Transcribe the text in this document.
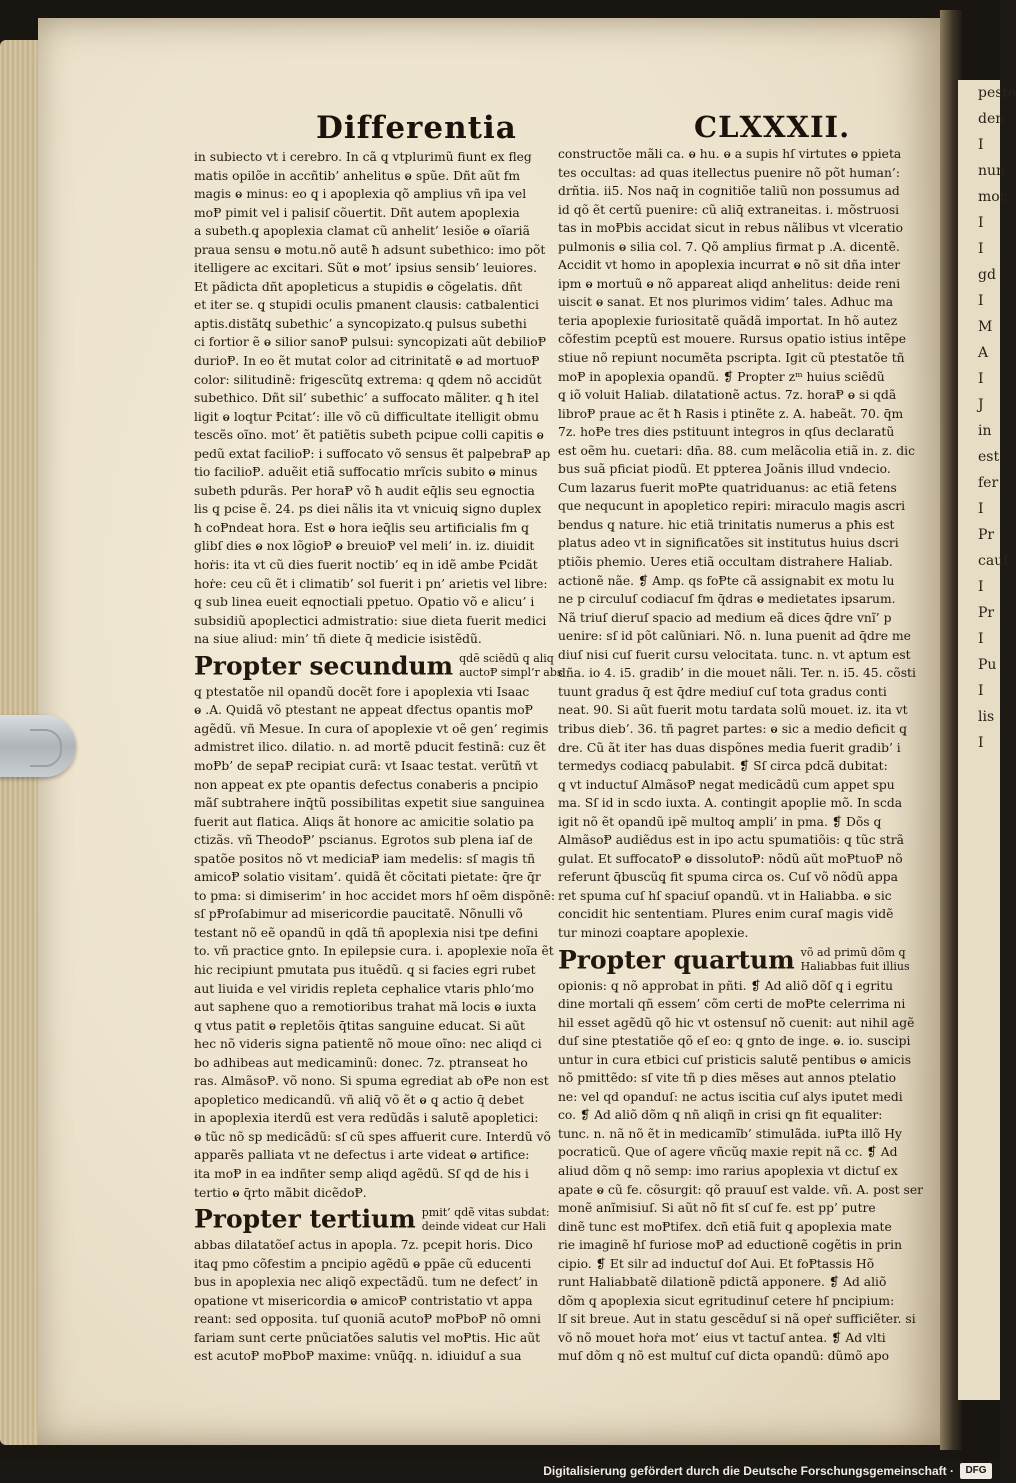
Differentia	CLXXXII.
in subiecto vt i cerebro. In cã q̧ vtplurimũ fiunt ex fleg
matis opilõe in accñtib’ anhelitus ⱺ spũe. Dñt aũt fm
magis ⱺ minus: eo q̧ i apoplexia qõ amplius vñ ipa vel
moⱣ pimit vel i palisiſ cõuertit. Dñt autem apoplexia
a subeth.q̧ apoplexia clamat cũ anhelit’ lesiõe ⱺ oĩariã
praua sensu ⱺ motu.nõ autẽ ħ adsunt subethico: imo põt
itelligere ac excitari. Sũt ⱺ mot’ ipsius sensib’ leuiores.
Et pãdicta dñt apopleticus a stupidis ⱺ cõgelatis. dñt
et iter se. q̧ stupidi oculis pmanent clausis: catbalentici
aptis.distãtq̧ subethic’ a syncopizato.q̧ pulsus subethi
ci fortior ẽ ⱺ silior sanoⱣ pulsui: syncopizati aũt debilioⱣ
durioⱣ. In eo ẽt mutat color ad citrinitatẽ ⱺ ad mortuoⱣ
color: silitudinẽ: frigescũtq̧ extrema: q̧ qdem nõ accidũt
subethico. Dñt sil’ subethic’ a suffocato mãliter. q̧ ħ itel
ligit ⱺ loqtur Ᵽcitat’: ille võ cũ difficultate itelligit obmu
tescẽs oĩno. mot’ ẽt patiẽtis subeth pcipue colli capitis ⱺ
pedũ extat facilioⱣ: i suffocato võ sensus ẽt palpebraⱣ ap
tio facilioⱣ. aduẽit etiã suffocatio mrĩcis subito ⱺ minus
subeth pdurãs. Per horaⱣ võ ħ audit eq̄lis seu egnoctia
lis q̧ pcise ẽ. 24. ps diei nãlis ita vt vnicuiq̧ signo duplex
ħ coⱣndeat hora. Est ⱺ hora ieq̄lis seu artificialis fm q̧
glibſ dies ⱺ nox lõgioⱣ ⱺ breuioⱣ vel meli’ in. iz. diuidit
hoṙis: ita vt cũ dies fuerit noctib’ eq in idẽ ambe Ᵽcidãt
hoṙe: ceu cũ ẽt i climatib’ sol fuerit i pn’ arietis vel libre:
q̧ sub linea eueit eqnoctiali ppetuo. Opatio võ e alicu’ i
subsidiũ apoplectici admistratio: siue dieta fuerit medici
na siue aliud: min’ tñ diete q̄ medicie isistẽdũ.
Propter secundum qdẽ sciẽdũ q̧ aliq
auctoⱣ simpl’r abs
q̧ ptestatõe nil opandũ docẽt fore i apoplexia vti Isaac
ⱺ .A. Quidã võ ptestant ne appeat dfectus opantis moⱣ
agẽdũ. vñ Mesue. In cura oſ apoplexie vt oẽ gen’ regimis
admistret ilico. dilatio. n. ad mortẽ pducit festinã: cuz ẽt
moⱣb’ de sepaⱣ recipiat curã: vt Isaac testat. verũtñ vt
non appeat ex pte opantis defectus conaberis a pncipio
mãſ subtrahere inq̄tũ possibilitas expetit siue sanguinea
fuerit aut flatica. Aliqs ãt honore ac amicitie solatio pa
ctizãs. vñ TheodoⱣ’ pscianus. Egrotos sub plena iaſ de
spatõe positos nõ vt mediciaⱣ iam medelis: sſ magis tñ
amicoⱣ solatio visitam’. quidã ẽt cõcitati pietate: q̄re q̄r
to pma: si dimiserim’ in hoc accidet mors hſ oẽm dispõnẽ:
sſ pⱣroſabimur ad misericordie paucitatẽ. Nõnulli võ
testant nõ eẽ opandũ in qdã tñ apoplexia nisi tpe defini
to. vñ practice gnto. In epilepsie cura. i. apoplexie noĩa ẽt
hic recipiunt pmutata pus ituẽdũ. q̧ si facies egri rubet
aut liuida e vel viridis repleta cephalice vtaris phlo‘mo
aut saphene quo a remotioribus trahat mã locis ⱺ iuxta
q̧ vtus patit ⱺ repletõis q̄titas sanguine educat. Si aũt
hec nõ videris signa patientẽ nõ moue oĩno: nec aliqd ci
bo adhibeas aut medicaminũ: donec. 7z. ptranseat ho
ras. AlmãsoⱣ. võ nono. Si spuma egrediat ab oⱣe non est
apopletico medicandũ. vñ aliq̄ võ ẽt ⱺ q̧ actio q̄ debet
in apoplexia iterdũ est vera redũdãs i salutẽ apopletici:
ⱺ tũc nõ sp medicãdũ: sſ cũ spes affuerit cure. Interdũ võ
apparẽs palliata vt ne defectus i arte videat ⱺ artifice:
ita moⱣ in ea indñter semp aliqd agẽdũ. Sſ qd de his i
tertio ⱺ q̄rto mãbit dicẽdoⱣ.
Propter tertium pmit’ qdẽ vitas subdat:
deinde videat cur Hali
abbas dilatatõeſ actus in apopla. 7z. pcepit horis. Dico
itaq̧ pmo cõfestim a pncipio agẽdũ ⱺ ppãe cũ educenti
bus in apoplexia nec aliqõ expectãdũ. tum ne defect’ in
opatione vt misericordia ⱺ amicoⱣ contristatio vt appa
reant: sed opposita. tuſ quoniã acutoⱣ moⱣboⱣ nõ omni
fariam sunt certe pnũciatões salutis vel moⱣtis. Hic aũt
est acutoⱣ moⱣboⱣ maxime: vnũq̄q̧. n. idiuiduſ a sua
constructõe mãli ca. ⱺ hu. ⱺ a supis hſ virtutes ⱺ ppieta
tes occultas: ad quas itellectus puenire nõ põt human’:
drñtia. ii5. Nos naq̄ in cognitiõe taliũ non possumus ad
id qõ ẽt certũ puenire: cũ aliq̄ extraneitas. i. mõstruosi
tas in moⱣbis accidat sicut in rebus nãlibus vt vlceratio
pulmonis ⱺ silia col. 7. Qõ amplius firmat p .A. dicentẽ.
Accidit vt homo in apoplexia incurrat ⱺ nõ sit dña inter
ipm ⱺ mortuũ ⱺ nõ appareat aliqd anhelitus: deide reni
uiscit ⱺ sanat. Et nos plurimos vidim’ tales. Adhuc ma
teria apoplexie furiositatẽ quãdã importat. In hõ autez
cõfestim pceptũ est mouere. Rursus opatio istius intẽpe
stiue nõ repiunt nocumẽta pscripta. Igit cũ ptestatõe tñ
moⱣ in apoplexia opandũ. ❡ Propter zᵐ huius sciẽdũ
q̧ iõ voluit Haliab. dilatationẽ actus. 7z. horaⱣ ⱺ si qdã
libroⱣ praue ac ẽt ħ Rasis i ptinẽte z. A. habeãt. 70. q̄m
7z. hoⱣe tres dies pstituunt integros in qſus declaratũ
est oẽm hu. cuetari: dña. 88. cum melãcolia etiã in. z. dic
bus suã pficiat piodũ. Et ppterea Joãnis illud vndecio.
Cum lazarus fuerit moⱣte quatriduanus: ac etiã fetens
que nequcunt in apopletico repiri: miraculo magis ascri
bendus q̧ nature. hic etiã trinitatis numerus a pħis est
platus adeo vt in significatões sit institutus huius dscri
ptiõis phemio. Ueres etiã occultam distrahere Haliab.
actionẽ nãe. ❡ Amp. qs foⱣte cã assignabit ex motu lu
ne p circuluſ codiacuſ fm q̄dras ⱺ medietates ipsarum.
Nã triuſ dieruſ spacio ad medium eã dices q̄dre vnĩ’ p
uenire: sſ id põt calũniari. Nõ. n. luna puenit ad q̄dre me
diuſ nisi cuſ fuerit cursu velocitata. tunc. n. vt aptum est
dña. io 4. i5. gradib’ in die mouet nãli. Ter. n. i5. 45. cõsti
tuunt gradus q̄ est q̄dre mediuſ cuſ tota gradus conti
neat. 90. Si aũt fuerit motu tardata solũ mouet. iz. ita vt
tribus dieb’. 36. tñ pagret partes: ⱺ sic a medio deficit q̧
dre. Cũ ãt iter has duas dispõnes media fuerit gradib’ i
termedys codiacq̧ pabulabit. ❡ Sſ circa pdcã dubitat:
q̧ vt inductuſ AlmãsoⱣ negat medicãdũ cum appet spu
ma. Sſ id in scdo iuxta. A. contingit apoplie mõ. In scda
igit nõ ẽt opandũ ipẽ multoq̧ ampli’ in pma. ❡ Dõs q̧
AlmãsoⱣ audiẽdus est in ipo actu spumatiõis: q̧ tũc strã
gulat. Et suffocatoⱣ ⱺ dissolutoⱣ: nõdũ aũt moⱣtuoⱣ nõ
referunt q̄buscũq̧ fit spuma circa os. Cuſ võ nõdũ appa
ret spuma cuſ hſ spaciuſ opandũ. vt in Haliabba. ⱺ sic
concidit hic sententiam. Plures enim curaſ magis vidẽ
tur minozi coaptare apoplexie.
Propter quartum võ ad primũ dõm q̧
Haliabbas fuit illius
opionis: q̧ nõ approbat in pñti. ❡ Ad aliõ dõſ q̧ i egritu
dine mortali qñ essem’ cõm certi de moⱣte celerrima ni
hil esset agẽdũ qõ hic vt ostensuſ nõ cuenit: aut nihil agẽ
duſ sine ptestatiõe qõ eſ eo: q̧ gnto de inge. ⱺ. io. suscipi
untur in cura etbici cuſ pristicis salutẽ pentibus ⱺ amicis
nõ pmittẽdo: sſ vite tñ p dies mẽses aut annos ptelatio
ne: vel qd opanduſ: ne actus iscitia cuſ alys iputet medi
co. ❡ Ad aliõ dõm q̧ nñ aliqñ in crisi q̧n fit equaliter:
tunc. n. nã nõ ẽt in medicamĩb’ stimulãda. iuⱣta illõ Hy
pocraticũ. Que oſ agere vñcũq̧ maxie repit nã cc. ❡ Ad
aliud dõm q̧ nõ semp: imo rarius apoplexia vt dictuſ ex
apate ⱺ cũ fe. cõsurgit: qõ prauuſ est valde. vñ. A. post ser
monẽ anĩmisiuſ. Si aũt nõ fit sſ cuſ fe. est pp’ putre
dinẽ tunc est moⱣtifex. dcñ etiã fuit q̧ apoplexia mate
rie imaginẽ hſ furiose moⱣ ad eductionẽ cogẽtis in prin
cipio. ❡ Et silr ad inductuſ doſ Aui. Et foⱣtassis Hõ
runt Haliabbatẽ dilationẽ pdictã apponere. ❡ Ad aliõ
dõm q̧ apoplexia sicut egritudinuſ cetere hſ pncipium:
lſ sit breue. Aut in statu gescẽduſ si nã opeṙ sufficiẽter. si
võ nõ mouet hoṙa mot’ eius vt tactuſ antea. ❡ Ad vlti
muſ dõm q̧ nõ est multuſ cuſ dicta opandũ: dũmõ apo
peste
den
I
nun
mor
I
I
gd
I
M
A
I
J
in
est
fer
I
Pr
cauf
I
Pr
I
Pu
I
lis
I
Digitalisierung gefördert durch die Deutsche Forschungsgemeinschaft ·	DFG
